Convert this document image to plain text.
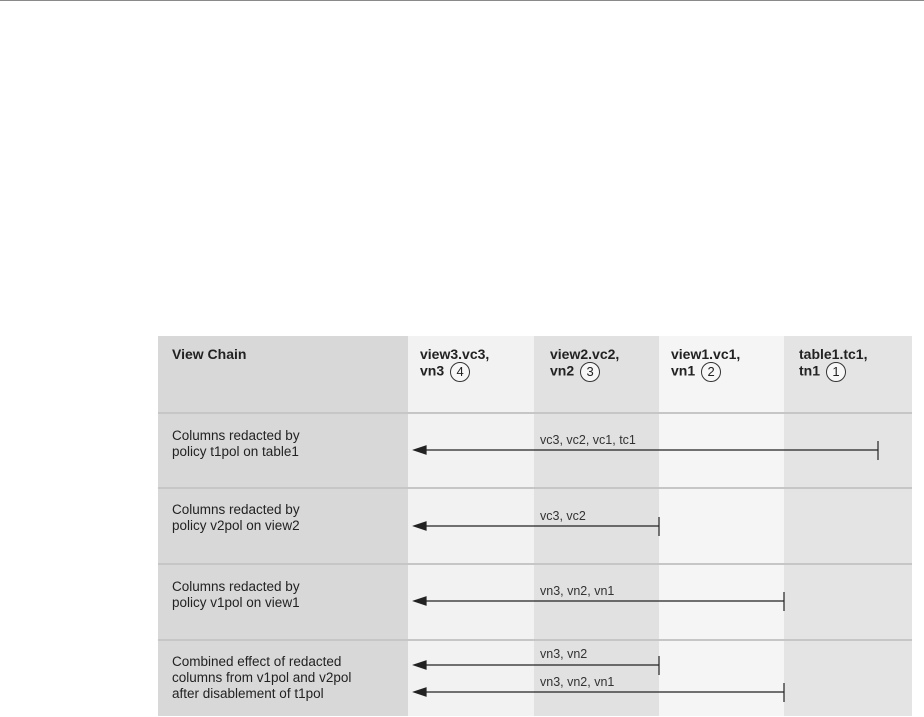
View Chain	view3.vc3,
vn3 4
view2.vc2,
vn2 3
view1.vc1,
vn1 2
table1.tc1,
tn1 1
Columns redacted by
policy t1pol on table1
Columns redacted by
policy v2pol on view2
Columns redacted by
policy v1pol on view1
Combined effect of redacted
columns from v1pol and v2pol
after disablement of t1pol
vc3, vc2, vc1, tc1
vc3, vc2
vn3, vn2, vn1
vn3, vn2
vn3, vn2, vn1
